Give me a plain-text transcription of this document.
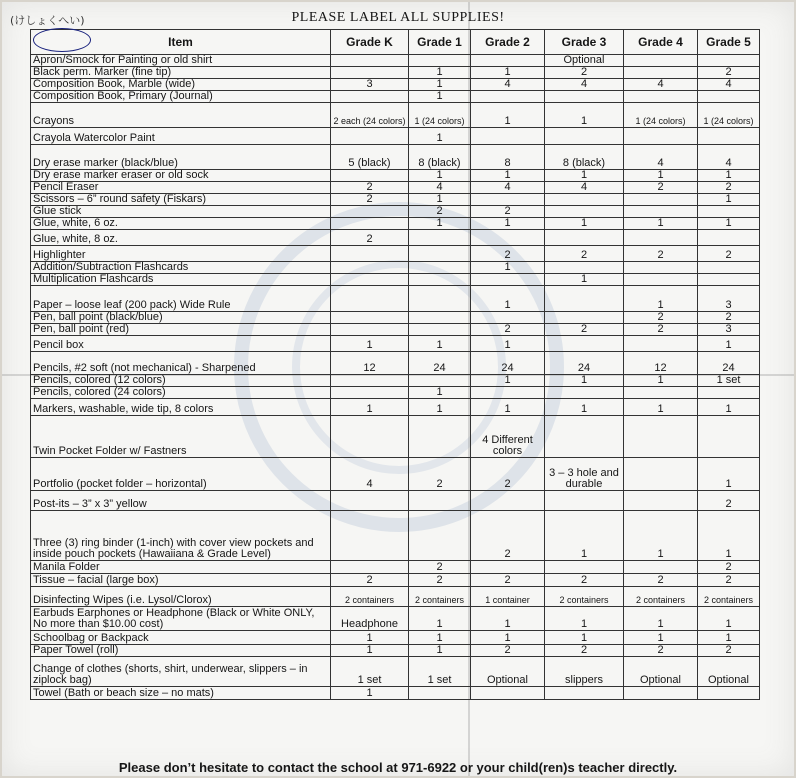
(けしょくへい)	PLEASE LABEL ALL SUPPLIES!
Item	Grade K	Grade 1	Grade 2	Grade 3	Grade 4	Grade 5
Apron/Smock for Painting or old shirt				Optional		
Black perm. Marker (fine tip)		1	1	2		2
Composition Book, Marble (wide)	3	1	4	4	4	4
Composition Book, Primary (Journal)		1				
Crayons	2 each (24 colors)	1 (24 colors)	1	1	1 (24 colors)	1 (24 colors)
Crayola Watercolor Paint		1				
Dry erase marker (black/blue)	5 (black)	8 (black)	8	8 (black)	4	4
Dry erase marker eraser or old sock		1	1	1	1	1
Pencil Eraser	2	4	4	4	2	2
Scissors – 6” round safety (Fiskars)	2	1				1
Glue stick		2	2			
Glue, white, 6 oz.		1	1	1	1	1
Glue, white, 8 oz.	2					
Highlighter			2	2	2	2
Addition/Subtraction Flashcards			1			
Multiplication Flashcards				1		
Paper – loose leaf (200 pack) Wide Rule			1		1	3
Pen, ball point (black/blue)					2	2
Pen, ball point (red)			2	2	2	3
Pencil box	1	1	1			1
Pencils, #2 soft (not mechanical) - Sharpened	12	24	24	24	12	24
Pencils, colored (12 colors)			1	1	1	1 set
Pencils, colored (24 colors)		1				
Markers, washable, wide tip, 8 colors	1	1	1	1	1	1
Twin Pocket Folder w/ Fastners			4 Different colors			
Portfolio (pocket folder – horizontal)	4	2	2	3 – 3 hole and durable		1
Post-its – 3” x 3” yellow						2
Three (3) ring binder (1-inch) with cover view pockets and inside pouch pockets (Hawaiiana & Grade Level)			2	1	1	1
Manila Folder		2				2
Tissue – facial (large box)	2	2	2	2	2	2
Disinfecting Wipes (i.e. Lysol/Clorox)	2 containers	2 containers	1 container	2 containers	2 containers	2 containers
Earbuds Earphones or Headphone (Black or White ONLY, No more than $10.00 cost)	Headphone	1	1	1	1	1
Schoolbag or Backpack	1	1	1	1	1	1
Paper Towel (roll)	1	1	2	2	2	2
Change of clothes (shorts, shirt, underwear, slippers – in ziplock bag)	1 set	1 set	Optional	slippers	Optional	Optional
Towel (Bath or beach size – no mats)	1					
Please don’t hesitate to contact the school at 971-6922 or your child(ren)s teacher directly.
